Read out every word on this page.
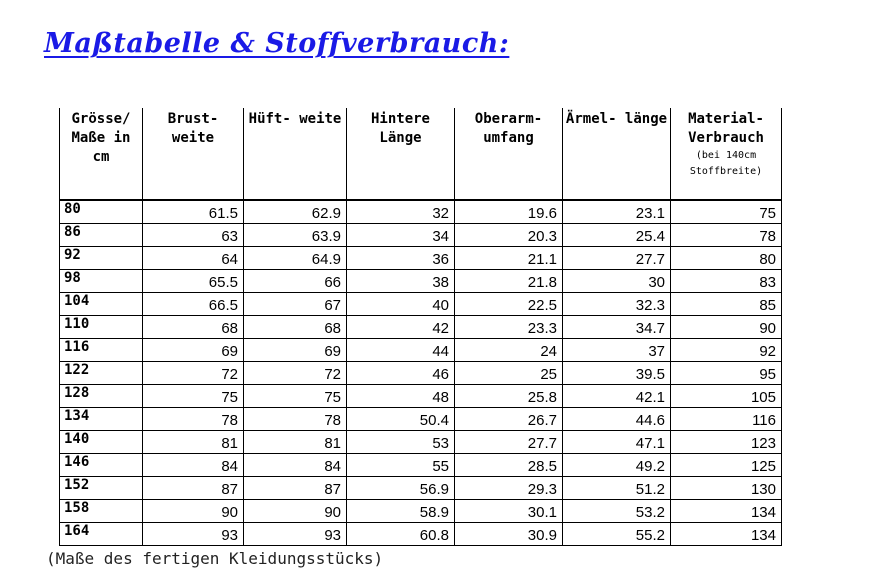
Maßtabelle & Stoffverbrauch:
Grösse/ Maße in cm	Brust- weite	Hüft- weite	Hintere Länge	Oberarm- umfang	Ärmel- länge	Material- Verbrauch
(bei 140cm Stoffbreite)

80	61.5	62.9	32	19.6	23.1	75
86	63	63.9	34	20.3	25.4	78
92	64	64.9	36	21.1	27.7	80
98	65.5	66	38	21.8	30	83
104	66.5	67	40	22.5	32.3	85
110	68	68	42	23.3	34.7	90
116	69	69	44	24	37	92
122	72	72	46	25	39.5	95
128	75	75	48	25.8	42.1	105
134	78	78	50.4	26.7	44.6	116
140	81	81	53	27.7	47.1	123
146	84	84	55	28.5	49.2	125
152	87	87	56.9	29.3	51.2	130
158	90	90	58.9	30.1	53.2	134
164	93	93	60.8	30.9	55.2	134
(Maße des fertigen Kleidungsstücks)
